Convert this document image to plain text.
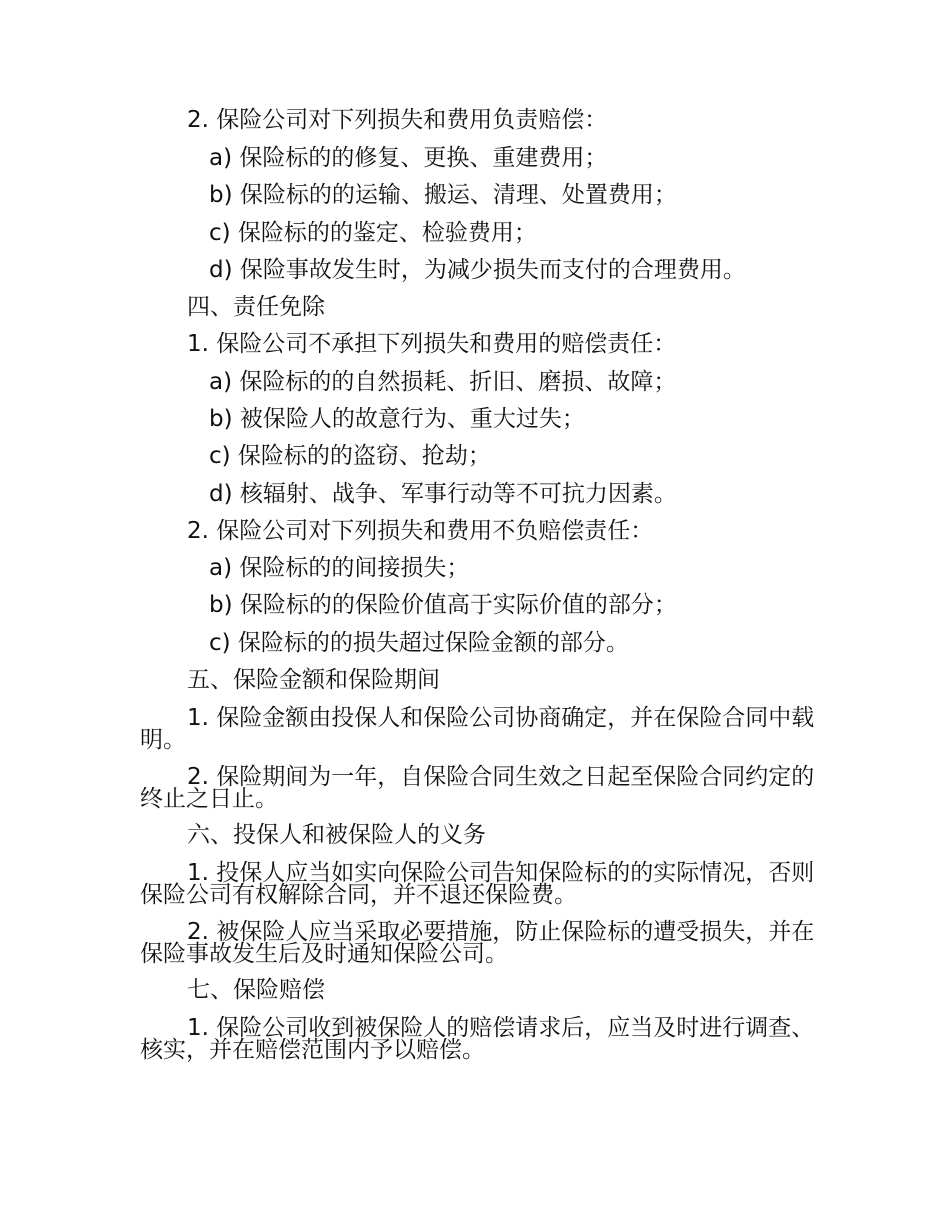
2. 保险公司对下列损失和费用负责赔偿：

a) 保险标的的修复、更换、重建费用；

b) 保险标的的运输、搬运、清理、处置费用；

c) 保险标的的鉴定、检验费用；

d) 保险事故发生时，为减少损失而支付的合理费用。

四、责任免除

1. 保险公司不承担下列损失和费用的赔偿责任：

a) 保险标的的自然损耗、折旧、磨损、故障；

b) 被保险人的故意行为、重大过失；

c) 保险标的的盗窃、抢劫；

d) 核辐射、战争、军事行动等不可抗力因素。

2. 保险公司对下列损失和费用不负赔偿责任：

a) 保险标的的间接损失；

b) 保险标的的保险价值高于实际价值的部分；

c) 保险标的的损失超过保险金额的部分。

五、保险金额和保险期间

1. 保险金额由投保人和保险公司协商确定，并在保险合同中载明。

2. 保险期间为一年，自保险合同生效之日起至保险合同约定的终止之日止。

六、投保人和被保险人的义务

1. 投保人应当如实向保险公司告知保险标的的实际情况，否则保险公司有权解除合同，并不退还保险费。

2. 被保险人应当采取必要措施，防止保险标的遭受损失，并在保险事故发生后及时通知保险公司。

七、保险赔偿

1. 保险公司收到被保险人的赔偿请求后，应当及时进行调查、核实，并在赔偿范围内予以赔偿。
